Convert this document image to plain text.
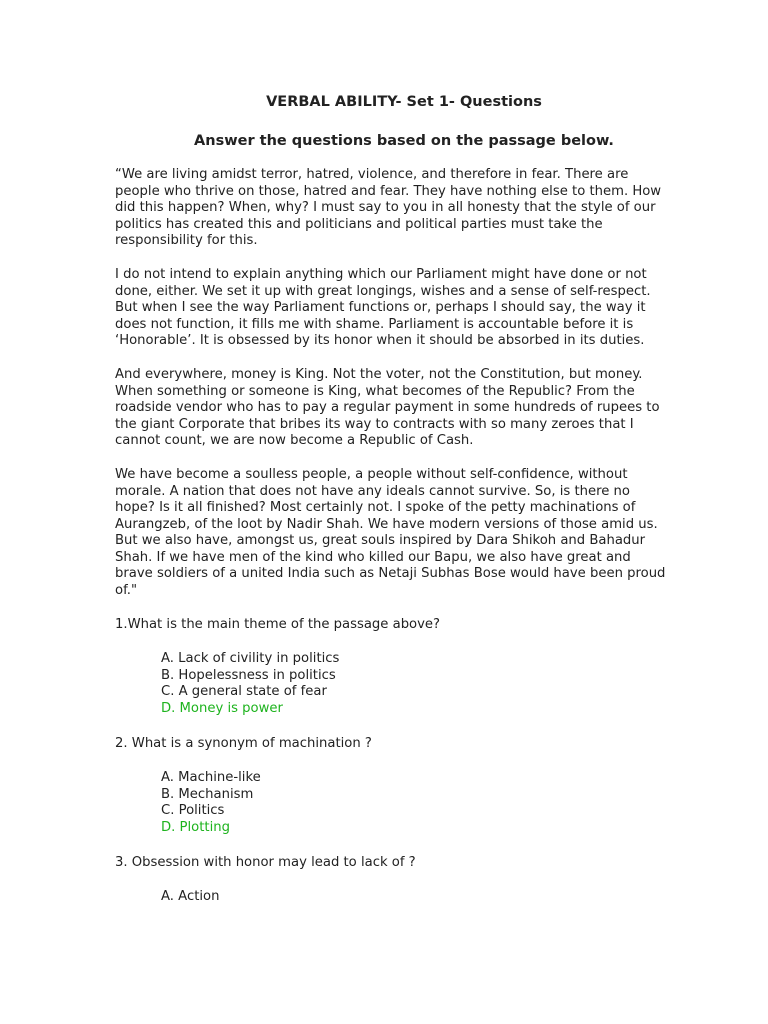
VERBAL ABILITY- Set 1- Questions
Answer the questions based on the passage below.

“We are living amidst terror, hatred, violence, and therefore in fear. There are
people who thrive on those, hatred and fear. They have nothing else to them. How
did this happen? When, why? I must say to you in all honesty that the style of our
politics has created this and politicians and political parties must take the
responsibility for this.

I do not intend to explain anything which our Parliament might have done or not
done, either. We set it up with great longings, wishes and a sense of self-respect.
But when I see the way Parliament functions or, perhaps I should say, the way it
does not function, it fills me with shame. Parliament is accountable before it is
‘Honorable’. It is obsessed by its honor when it should be absorbed in its duties.

And everywhere, money is King. Not the voter, not the Constitution, but money.
When something or someone is King, what becomes of the Republic? From the
roadside vendor who has to pay a regular payment in some hundreds of rupees to
the giant Corporate that bribes its way to contracts with so many zeroes that I
cannot count, we are now become a Republic of Cash.

We have become a soulless people, a people without self-confidence, without
morale. A nation that does not have any ideals cannot survive. So, is there no
hope? Is it all finished? Most certainly not. I spoke of the petty machinations of
Aurangzeb, of the loot by Nadir Shah. We have modern versions of those amid us.
But we also have, amongst us, great souls inspired by Dara Shikoh and Bahadur
Shah. If we have men of the kind who killed our Bapu, we also have great and
brave soldiers of a united India such as Netaji Subhas Bose would have been proud
of."

1.What is the main theme of the passage above?

A. Lack of civility in politics
B. Hopelessness in politics
C. A general state of fear
D. Money is power

2. What is a synonym of machination ?

A. Machine-like
B. Mechanism
C. Politics
D. Plotting

3. Obsession with honor may lead to lack of ?

A. Action
